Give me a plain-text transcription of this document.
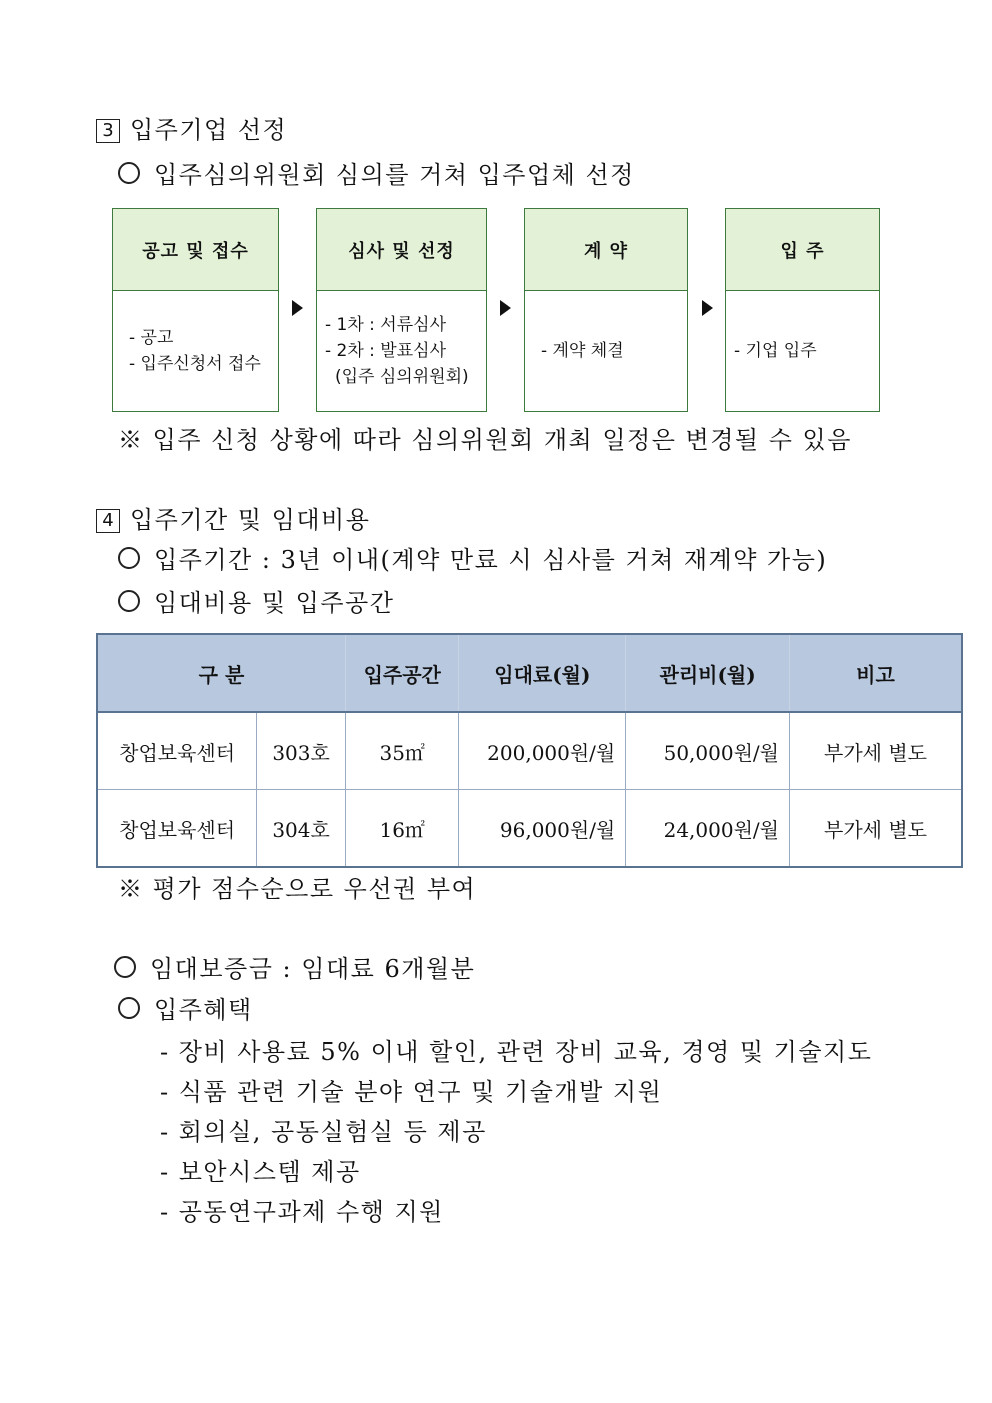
3 입주기업 선정
입주심의위원회 심의를 거쳐 입주업체 선정
공고 및 접수
- 공고
- 입주신청서 접수
심사 및 선정
- 1차 : 서류심사
- 2차 : 발표심사
(입주 심의위원회)
계 약
- 계약 체결
입 주
- 기업 입주
※ 입주 신청 상황에 따라 심의위원회 개최 일정은 변경될 수 있음
4 입주기간 및 임대비용
입주기간 : 3년 이내(계약 만료 시 심사를 거쳐 재계약 가능)
임대비용 및 입주공간
구 분		입주공간	임대료(월)	관리비(월)	비고
창업보육센터	303호	35㎡	200,000원/월	50,000원/월	부가세 별도
창업보육센터	304호	16㎡	96,000원/월	24,000원/월	부가세 별도
※ 평가 점수순으로 우선권 부여
임대보증금 : 임대료 6개월분
입주혜택
- 장비 사용료 5% 이내 할인, 관련 장비 교육, 경영 및 기술지도
- 식품 관련 기술 분야 연구 및 기술개발 지원
- 회의실, 공동실험실 등 제공
- 보안시스템 제공
- 공동연구과제 수행 지원
